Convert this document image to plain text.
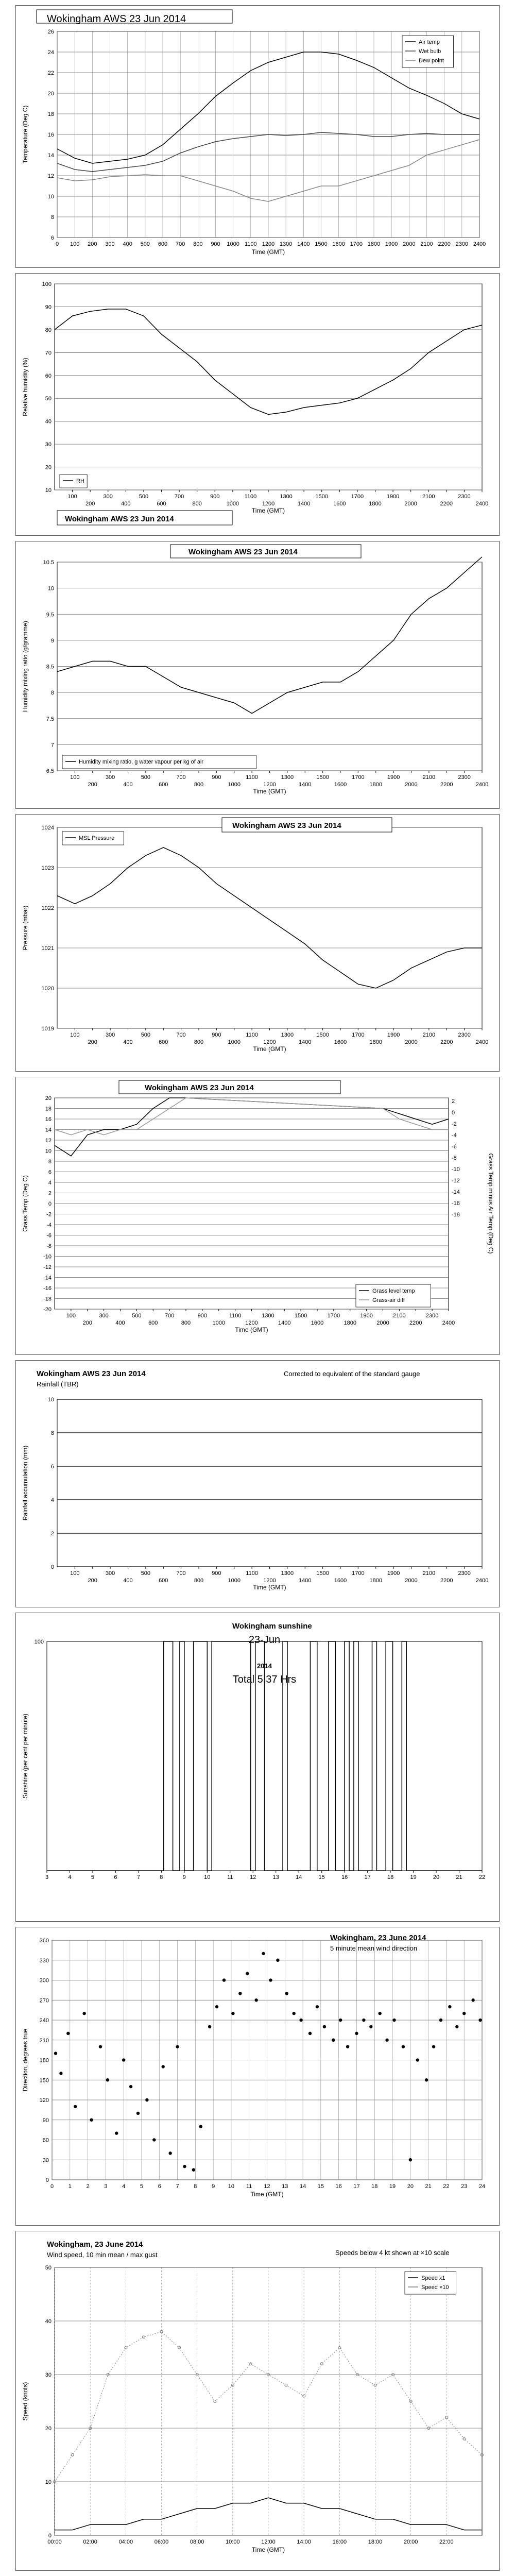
6
8
10
12
14
16
18
20
22
24
26
0 100 200 300 400 500 600 700 800 900 1000 1100 1200 1300 1400 1500 1600 1700 1800 1900 2000 2100 2200 2300 2400
Time (GMT)
Temperature (Deg C)
Wokingham AWS 23 Jun 2014
Air temp
Wet bulb
Dew point
10
20
30
40
50
60
70
80
90
100
100
200
300
400
500
600
700
800
900
1000
1100
1200
1300
1400
1500
1600
1700
1800
1900
2000
2100
2200
2300
2400
Time (GMT)
Relative humidity (%)
Wokingham AWS 23 Jun 2014
RH
6.5
7
7.5
8
8.5
9
9.5
10
10.5
100
200
300
400
500
600
700
800
900
1000
1100
1200
1300
1400
1500
1600
1700
1800
1900
2000
2100
2200
2300
2400
Time (GMT)
Humidity mixing ratio (g/gramme)
Wokingham AWS 23 Jun 2014
Humidity mixing ratio, g water vapour per kg of air
1019
1020
1021
1022
1023
1024
100
200
300
400
500
600
700
800
900
1000
1100
1200
1300
1400
1500
1600
1700
1800
1900
2000
2100
2200
2300
2400
Time (GMT)
Pressure (mbar)
Wokingham AWS 23 Jun 2014
MSL Pressure
20
18
16
14
12
10
8
6
4
2
0
-2
-4
-6
-8
-10
-12
-14
-16
-18
-20
100
200
300
400
500
600
700
800
900
1000
1100
1200
1300
1400
1500
1600
1700
1800
1900
2000
2100
2200
2300
2400
Time (GMT)
Grass Temp (Deg C)	Grass Temp minus Air Temp (Deg C)
2
0
-2
-4
-6
-8
-10
-12
-14
-16
-18
Wokingham AWS 23 Jun 2014
Grass level temp
Grass-air diff
0
2
4
6
8
10
100
200
300
400
500
600
700
800
900
1000
1100
1200
1300
1400
1500
1600
1700
1800
1900
2000
2100
2200
2300
2400
Time (GMT)
Rainfall accumulation (mm)
Wokingham AWS 23 Jun 2014
Rainfall (TBR)
Corrected to equivalent of the standard gauge
3	4	5	6	7	8	9	10	11	12	13	14	15	16	17	18	19	20	21	22
Sunshine (per cent per minute)
Wokingham sunshine
23-Jun
2014
Total 5.37 Hrs
100
0
30
60
90
120
150
180
210
240
270
300
330
360
0	1	2	3	4	5	6	7	8	9 10 11 12 13 14 15 16 17 18 19 20 21 22 23 24
Time (GMT)
Direction, degrees true
Wokingham, 23 June 2014
5 minute mean wind direction
0
10
20
30
40
50
00:00	02:00	04:00	06:00	08:00	10:00	12:00	14:00	16:00	18:00	20:00	22:00
Time (GMT)
Speed (knots)
Wokingham, 23 June 2014
Wind speed, 10 min mean / max gust	Speeds below 4 kt shown at ×10 scale
Speed x1
Speed ×10
